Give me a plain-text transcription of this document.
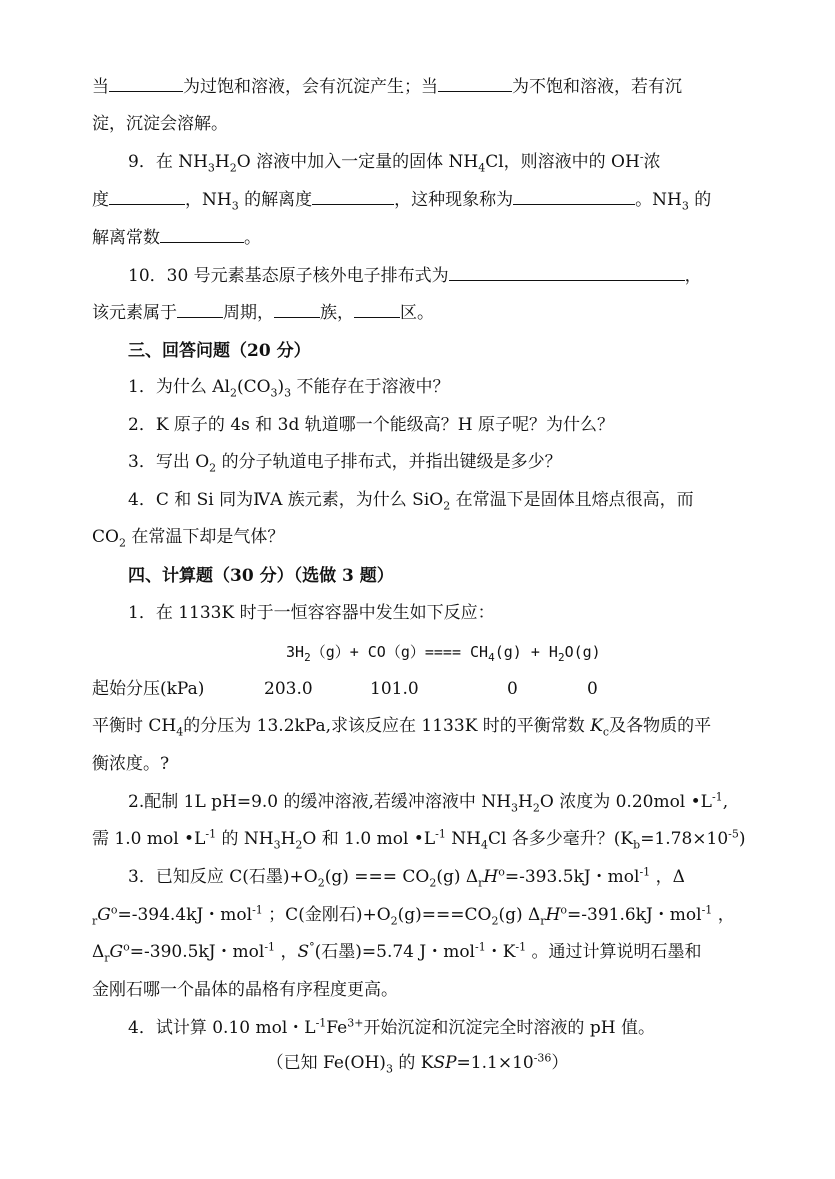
当	为过饱和溶液，会有沉淀产生；当	为不饱和溶液，若有沉
淀，沉淀会溶解。
9．在 $NH_3H_2O$ 溶液中加入一定量的固体 $NH_4Cl$，则溶液中的 OH-浓
度	，$NH_3$ 的解离度	，这种现象称为	。$NH_3$ 的
解离常数	。
10．30 号元素基态原子核外电子排布式为	，
该元素属于	周期，	族，	区。
三、回答问题（20 分）
1．为什么 $Al_2(CO_3)_3$ 不能存在于溶液中？
2．K 原子的 4s 和 3d 轨道哪一个能级高？H 原子呢？为什么？
3．写出 $O_2$ 的分子轨道电子排布式，并指出键级是多少？
4．C 和 Si 同为ⅣA 族元素，为什么 SiO$_2$ 在常温下是固体且熔点很高，而
$CO_2$ 在常温下却是气体？
四、计算题（30 分）（选做 3 题）
1．在 1133K 时于一恒容容器中发生如下反应：
$3H_2(g)+ CO(g)==== CH_4(g) + H_2O(g)$
起始分压(kPa)	203.0	101.0	0	0
平衡时 $CH_4$的分压为 13.2kPa,求该反应在 1133K 时的平衡常数 $K_c$及各物质的平
衡浓度。?
2.配制 1L pH=9.0 的缓冲溶液,若缓冲溶液中 $NH_3H_2O$ 浓度为 0.20mol $•L^{-1}$,
需 1.0 mol $•L^{-1}$ 的 $NH_3H_2O$ 和 1.0 mol $•L^{-1}$ $NH_4Cl$ 各多少毫升？$(K_b=1.78\times 10^{-5})$
3．已知反应 C(石墨)$+O_2(g)$ === $CO_2(g)$ $\Delta_rH^o=-393.5kJ$・mol$^{-1}$ ，Δ
$_rG^o=-394.4kJ$・mol$^{-1}$ ；C(金刚石)$+O_2(g)===CO_2(g)$ $\Delta_rH^o=-391.6kJ$・mol$^{-1}$ ，
$\Delta_rG^o=-390.5kJ$・mol$^{-1}$ ，S°(石墨)=5.74 J・mol$^{-1}$・$K^{-1}$ 。通过计算说明石墨和
金刚石哪一个晶体的晶格有序程度更高。
4．试计算 0.10 mol・$L^{-1}Fe^{3+}$开始沉淀和沉淀完全时溶液的 pH 值。
（已知 $Fe(OH)_3$ 的 $KSP=1.1\times 10^{-36}$）
